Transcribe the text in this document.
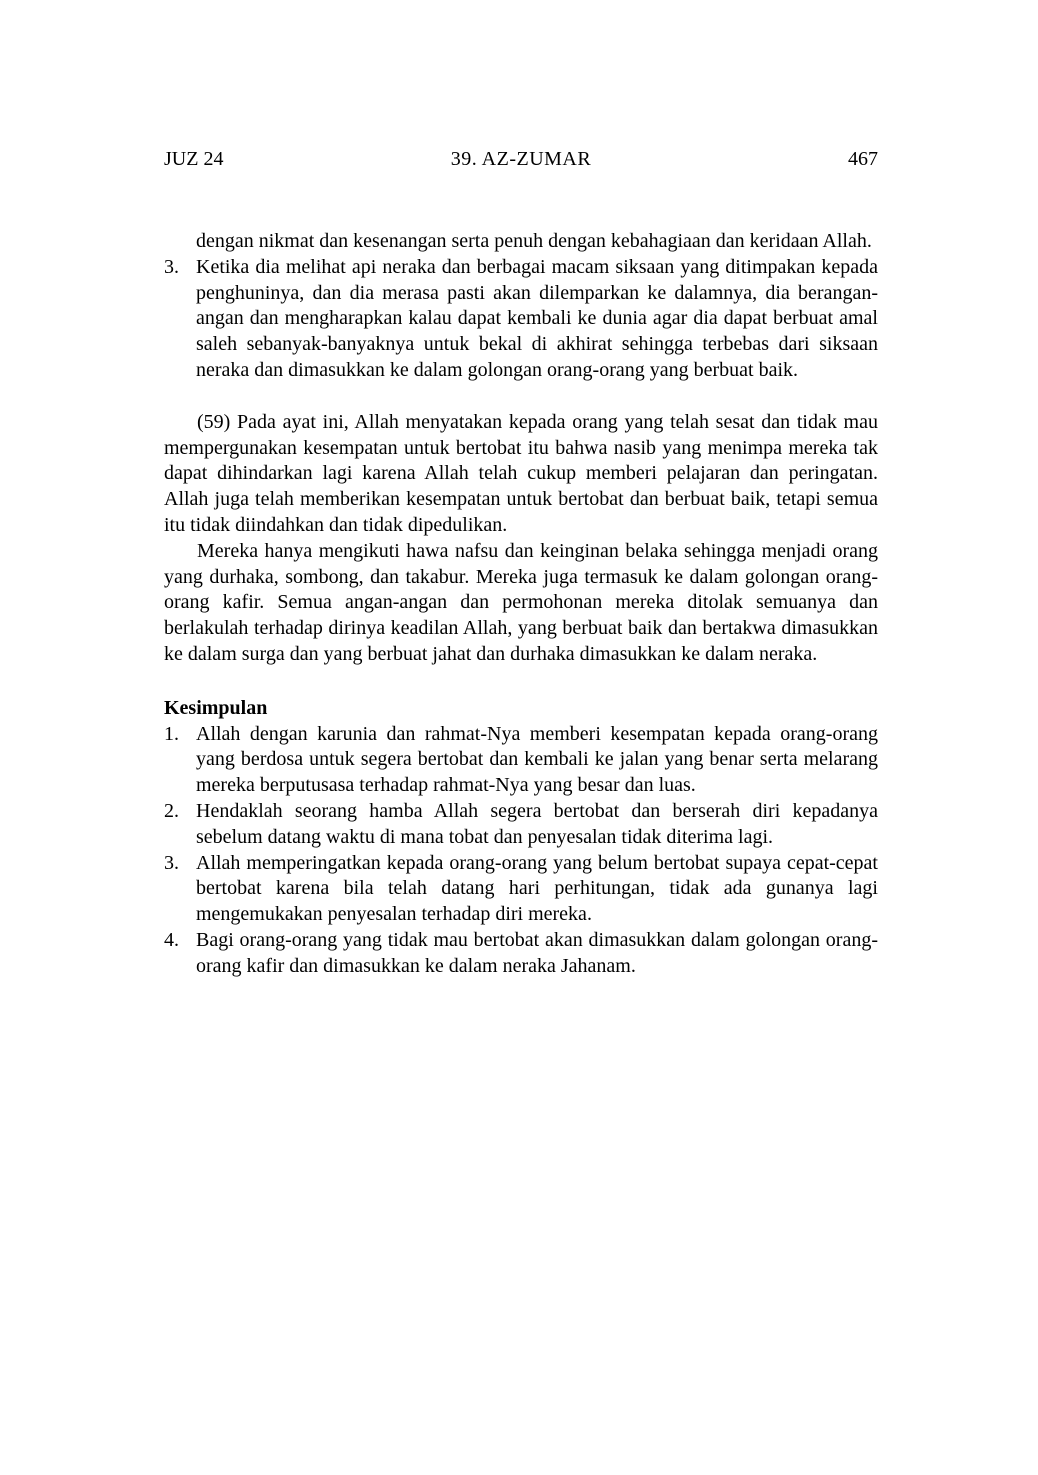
JUZ 24	39. AZ-ZUMAR	467
dengan nikmat dan kesenangan serta penuh dengan kebahagiaan dan keridaan Allah.
3. Ketika dia melihat api neraka dan berbagai macam siksaan yang ditimpakan kepada penghuninya, dan dia merasa pasti akan dilemparkan ke dalamnya, dia berangan-angan dan mengharapkan kalau dapat kembali ke dunia agar dia dapat berbuat amal saleh sebanyak-banyaknya untuk bekal di akhirat sehingga terbebas dari siksaan neraka dan dimasukkan ke dalam golongan orang-orang yang berbuat baik.
(59) Pada ayat ini, Allah menyatakan kepada orang yang telah sesat dan tidak mau mempergunakan kesempatan untuk bertobat itu bahwa nasib yang menimpa mereka tak dapat dihindarkan lagi karena Allah telah cukup memberi pelajaran dan peringatan. Allah juga telah memberikan kesempatan untuk bertobat dan berbuat baik, tetapi semua itu tidak diindahkan dan tidak dipedulikan.
Mereka hanya mengikuti hawa nafsu dan keinginan belaka sehingga menjadi orang yang durhaka, sombong, dan takabur. Mereka juga termasuk ke dalam golongan orang-orang kafir. Semua angan-angan dan permohonan mereka ditolak semuanya dan berlakulah terhadap dirinya keadilan Allah, yang berbuat baik dan bertakwa dimasukkan ke dalam surga dan yang berbuat jahat dan durhaka dimasukkan ke dalam neraka.
Kesimpulan
1. Allah dengan karunia dan rahmat-Nya memberi kesempatan kepada orang-orang yang berdosa untuk segera bertobat dan kembali ke jalan yang benar serta melarang mereka berputusasa terhadap rahmat-Nya yang besar dan luas.
2. Hendaklah seorang hamba Allah segera bertobat dan berserah diri kepadanya sebelum datang waktu di mana tobat dan penyesalan tidak diterima lagi.
3. Allah memperingatkan kepada orang-orang yang belum bertobat supaya cepat-cepat bertobat karena bila telah datang hari perhitungan, tidak ada gunanya lagi mengemukakan penyesalan terhadap diri mereka.
4. Bagi orang-orang yang tidak mau bertobat akan dimasukkan dalam golongan orang-orang kafir dan dimasukkan ke dalam neraka Jahanam.
